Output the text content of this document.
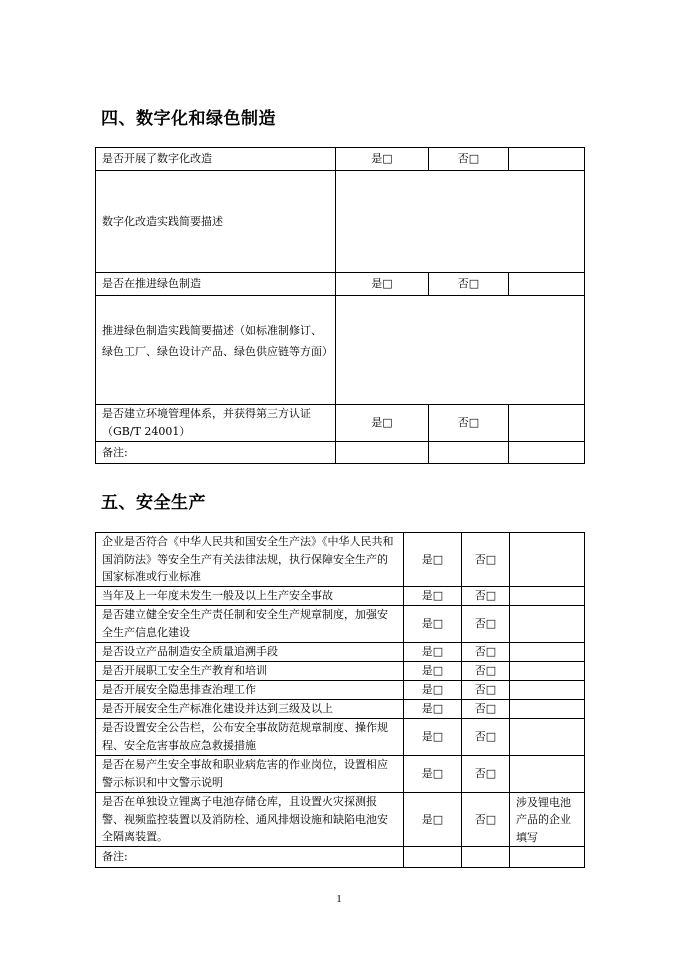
四、数字化和绿色制造
是否开展了数字化改造	是□	否□	
数字化改造实践简要描述			
是否在推进绿色制造	是□	否□	
推进绿色制造实践简要描述（如标准制修订、绿色工厂、绿色设计产品、绿色供应链等方面）			
是否建立环境管理体系，并获得第三方认证（GB/T 24001）	是□	否□	
备注:			
五、安全生产
企业是否符合《中华人民共和国安全生产法》《中华人民共和国消防法》等安全生产有关法律法规，执行保障安全生产的国家标准或行业标准	是□	否□	
当年及上一年度未发生一般及以上生产安全事故	是□	否□	
是否建立健全安全生产责任制和安全生产规章制度，加强安全生产信息化建设	是□	否□	
是否设立产品制造安全质量追溯手段	是□	否□	
是否开展职工安全生产教育和培训	是□	否□	
是否开展安全隐患排查治理工作	是□	否□	
是否开展安全生产标准化建设并达到三级及以上	是□	否□	
是否设置安全公告栏，公布安全事故防范规章制度、操作规程、安全危害事故应急救援措施	是□	否□	
是否在易产生安全事故和职业病危害的作业岗位，设置相应警示标识和中文警示说明	是□	否□	
是否在单独设立锂离子电池存储仓库，且设置火灾探测报警、视频监控装置以及消防栓、通风排烟设施和缺陷电池安全隔离装置。	是□	否□	涉及锂电池产品的企业填写
备注:			
1
